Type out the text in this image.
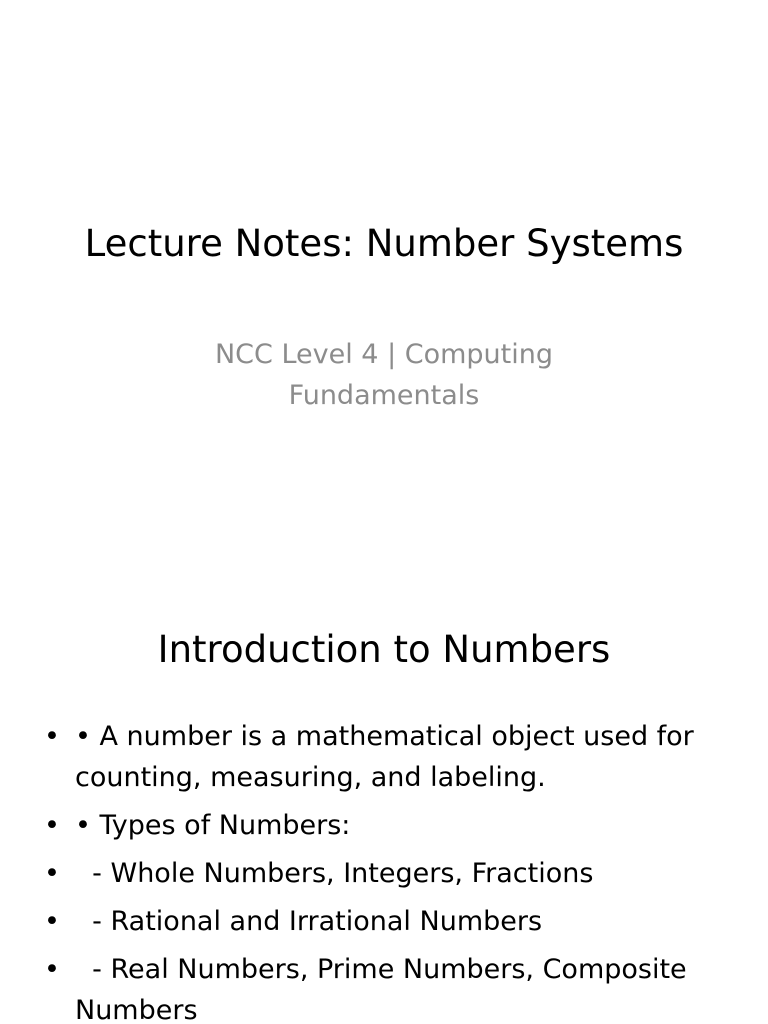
Lecture Notes: Number Systems
NCC Level 4 | Computing
Fundamentals
Introduction to Numbers
• • A number is a mathematical object used for counting, measuring, and labeling.
• • Types of Numbers:
• - Whole Numbers, Integers, Fractions
• - Rational and Irrational Numbers
• - Real Numbers, Prime Numbers, Composite Numbers
